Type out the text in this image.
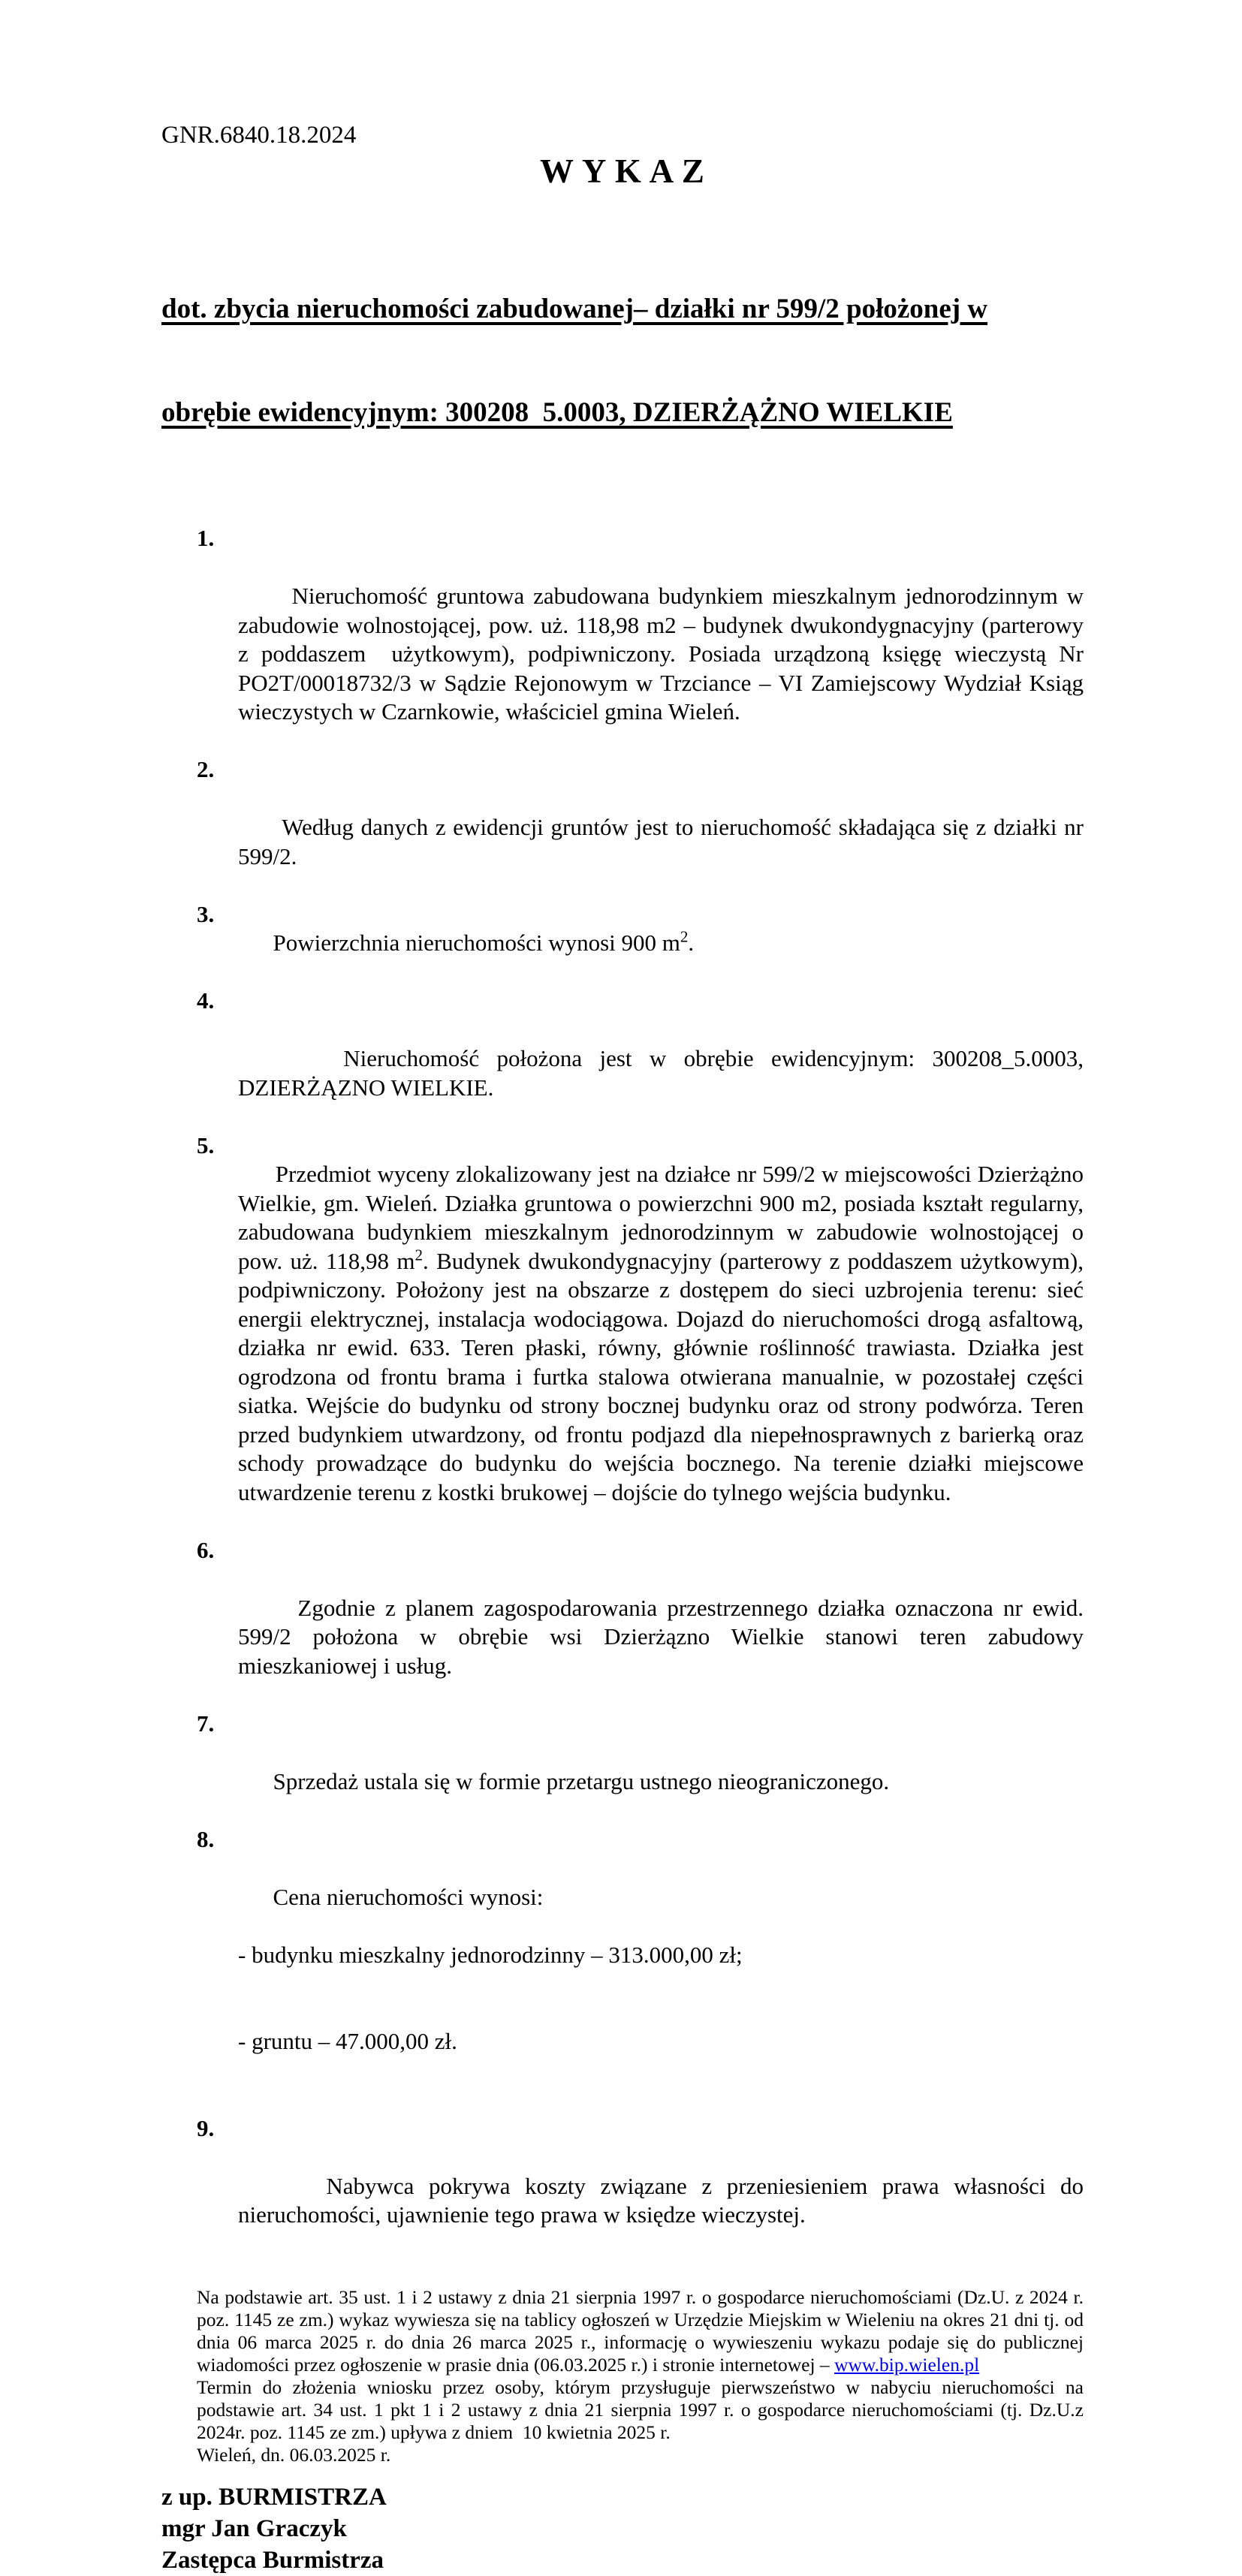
GNR.6840.18.2024
W Y K A Z

dot. zbycia nieruchomości zabudowanej– działki nr 599/2 położonej w

obrębie ewidencyjnym: 300208  5.0003, DZIERŻĄŻNO WIELKIE

1.

Nieruchomość gruntowa zabudowana budynkiem mieszkalnym jednorodzinnym w zabudowie wolnostojącej, pow. uż. 118,98 m2 – budynek dwukondygnacyjny (parterowy z poddaszem  użytkowym), podpiwniczony. Posiada urządzoną księgę wieczystą Nr PO2T/00018732/3 w Sądzie Rejonowym w Trzciance – VI Zamiejscowy Wydział Ksiąg wieczystych w Czarnkowie, właściciel gmina Wieleń.

2.

Według danych z ewidencji gruntów jest to nieruchomość składająca się z działki nr 599/2.

3.
Powierzchnia nieruchomości wynosi 900 $m^2$.

4.

Nieruchomość położona jest w obrębie ewidencyjnym: 300208_5.0003, DZIERŻĄZNO WIELKIE.

5.
Przedmiot wyceny zlokalizowany jest na działce nr 599/2 w miejscowości Dzierżążno Wielkie, gm. Wieleń. Działka gruntowa o powierzchni 900 m2, posiada kształt regularny, zabudowana budynkiem mieszkalnym jednorodzinnym w zabudowie wolnostojącej o pow. uż. 118,98 $m^2$. Budynek dwukondygnacyjny (parterowy z poddaszem użytkowym), podpiwniczony. Położony jest na obszarze z dostępem do sieci uzbrojenia terenu: sieć energii elektrycznej, instalacja wodociągowa. Dojazd do nieruchomości drogą asfaltową, działka nr ewid. 633. Teren płaski, równy, głównie roślinność trawiasta. Działka jest ogrodzona od frontu brama i furtka stalowa otwierana manualnie, w pozostałej części siatka. Wejście do budynku od strony bocznej budynku oraz od strony podwórza. Teren przed budynkiem utwardzony, od frontu podjazd dla niepełnosprawnych z barierką oraz schody prowadzące do budynku do wejścia bocznego. Na terenie działki miejscowe utwardzenie terenu z kostki brukowej – dojście do tylnego wejścia budynku.

6.

Zgodnie z planem zagospodarowania przestrzennego działka oznaczona nr ewid. 599/2 położona w obrębie wsi Dzierżązno Wielkie stanowi teren zabudowy mieszkaniowej i usług.

7.

Sprzedaż ustala się w formie przetargu ustnego nieograniczonego.

8.

Cena nieruchomości wynosi:

- budynku mieszkalny jednorodzinny – 313.000,00 zł;

- gruntu – 47.000,00 zł.

9.

Nabywca pokrywa koszty związane z przeniesieniem prawa własności do nieruchomości, ujawnienie tego prawa w księdze wieczystej.

Na podstawie art. 35 ust. 1 i 2 ustawy z dnia 21 sierpnia 1997 r. o gospodarce nieruchomościami (Dz.U. z 2024 r. poz. 1145 ze zm.) wykaz wywiesza się na tablicy ogłoszeń w Urzędzie Miejskim w Wieleniu na okres 21 dni tj. od dnia 06 marca 2025 r. do dnia 26 marca 2025 r., informację o wywieszeniu wykazu podaje się do publicznej wiadomości przez ogłoszenie w prasie dnia (06.03.2025 r.) i stronie internetowej – www.bip.wielen.pl

Termin do złożenia wniosku przez osoby, którym przysługuje pierwszeństwo w nabyciu nieruchomości na podstawie art. 34 ust. 1 pkt 1 i 2 ustawy z dnia 21 sierpnia 1997 r. o gospodarce nieruchomościami (tj. Dz.U.z 2024r. poz. 1145 ze zm.) upływa z dniem  10 kwietnia 2025 r.

Wieleń, dn. 06.03.2025 r.

z up. BURMISTRZA
mgr Jan Graczyk
Zastępca Burmistrza
